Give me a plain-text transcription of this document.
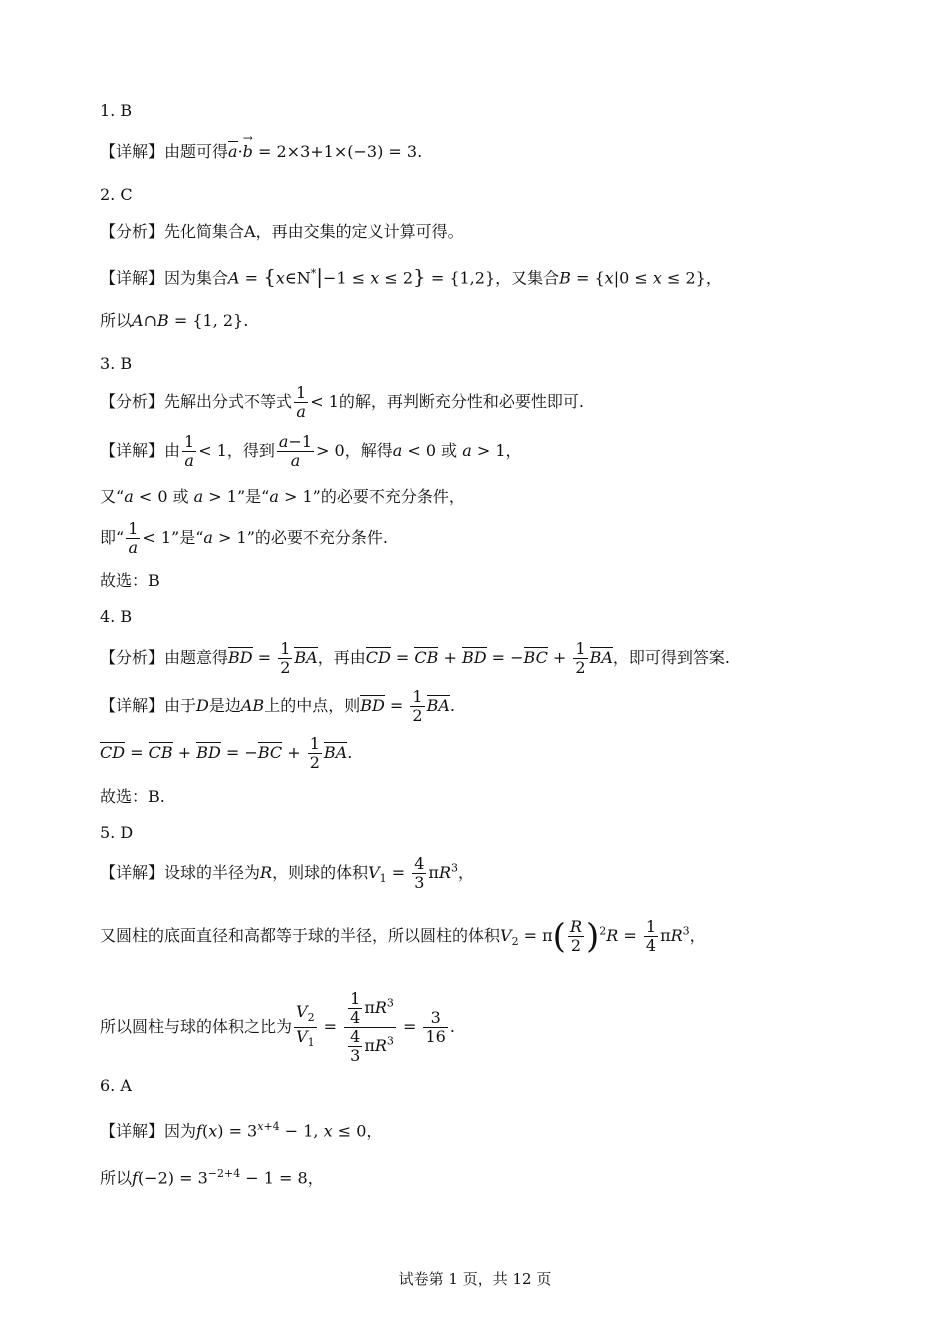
1. B
【详解】由题可得a·→ b = 2×3+1×(−3) = 3.
2. C
【分析】先化简集合A，再由交集的定义计算可得。
【详解】因为集合A = {x∈N*|−1 ≤ x ≤ 2} = {1,2}，又集合B = {x|0 ≤ x ≤ 2}，
所以A∩B = {1, 2}.
3. B
【分析】先解出分式不等式 $\frac{1}{a} < 1$的解，再判断充分性和必要性即可.
【详解】由 $\frac{1}{a} < 1$，得到 $\frac{a-1}{a} > 0$，解得a < 0 或 a > 1，
又“a < 0 或 a > 1”是“a > 1”的必要不充分条件，
即“ $\frac{1}{a} < 1$”是“a > 1”的必要不充分条件.
故选：B
4. B
【分析】由题意得BD = $\frac{1}{2}$ BA，再由CD = CB + BD = $-BC + \frac{1}{2}$ BA，即可得到答案.
【详解】由于D是边AB上的中点，则BD = $\frac{1}{2}$ BA.
CD = CB + BD = $-BC + \frac{1}{2}$ BA.
故选：B.
5. D
【详解】设球的半径为R，则球的体积$V_1 = \frac{4}{3} \pi R^3$，
又圆柱的底面直径和高都等于球的半径，所以圆柱的体积$V_2 = \pi( \frac{R}{2} )^2R = \frac{1}{4} \pi R^3$，
所以圆柱与球的体积之比为 $\frac{V_2}{V_1} = \frac{\frac{1}{4} \pi R^3}{\frac{4}{3} \pi R^3} = \frac{3}{16}$ .
6. A
【详解】因为$f(x) = 3^{x+4} - 1$, x ≤ 0，
所以$f(-2) = 3^{-2+4} - 1 = 8$，
试卷第 1 页，共 12 页
